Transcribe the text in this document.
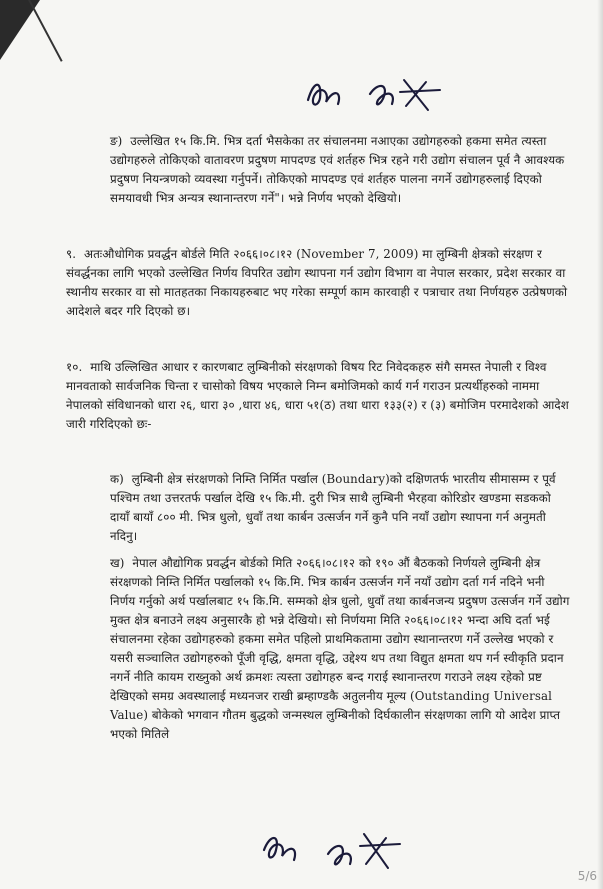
ङ) उल्लेखित १५ कि.मि. भित्र दर्ता भैसकेका तर संचालनमा नआएका उद्योगहरुको हकमा समेत त्यस्ता उद्योगहरुले तोकिएको वातावरण प्रदुषण मापदण्ड एवं शर्तहरु भित्र रहने गरी उद्योग संचालन पूर्व नै आवश्यक प्रदुषण नियन्त्रणको व्यवस्था गर्नुपर्ने। तोकिएको मापदण्ड एवं शर्तहरु पालना नगर्ने उद्योगहरुलाई दिएको समयावधी भित्र अन्यत्र स्थानान्तरण गर्ने"। भन्ने निर्णय भएको देखियो।
९. अतःऔधोगिक प्रवर्द्धन बोर्डले मिति २०६६।०८।१२ (November 7, 2009) मा लुम्बिनी क्षेत्रको संरक्षण र संवर्द्धनका लागि भएको उल्लेखित निर्णय विपरित उद्योग स्थापना गर्न उद्योग विभाग वा नेपाल सरकार, प्रदेश सरकार वा स्थानीय सरकार वा सो मातहतका निकायहरुबाट भए गरेका सम्पूर्ण काम कारवाही र पत्राचार तथा निर्णयहरु उत्प्रेषणको आदेशले बदर गरि दिएको छ।
१०. माथि उल्लिखित आधार र कारणबाट लुम्बिनीको संरक्षणको विषय रिट निवेदकहरु संगै समस्त नेपाली र विश्व मानवताको सार्वजनिक चिन्ता र चासोको विषय भएकाले निम्न बमोजिमको कार्य गर्न गराउन प्रत्यर्थीहरुको नाममा नेपालको संविधानको धारा २६, धारा ३० ,धारा ४६, धारा ५१(ठ) तथा धारा १३३(२) र (३) बमोजिम परमादेशको आदेश जारी गरिदिएको छः-
क) लुम्बिनी क्षेत्र संरक्षणको निम्ति निर्मित पर्खाल (Boundary)को दक्षिणतर्फ भारतीय सीमासम्म र पूर्व पश्चिम तथा उत्तरतर्फ पर्खाल देखि १५ कि.मी. दुरी भित्र साथै लुम्बिनी भैरहवा कोरिडोर खण्डमा सडकको दायाँ बायाँ ८०० मी. भित्र धुलो, धुवाँ तथा कार्बन उत्सर्जन गर्ने कुनै पनि नयाँ उद्योग स्थापना गर्न अनुमती नदिनु।
ख) नेपाल औद्योगिक प्रवर्द्धन बोर्डको मिति २०६६।०८।१२ को १९० औं बैठकको निर्णयले लुम्बिनी क्षेत्र संरक्षणको निम्ति निर्मित पर्खालको १५ कि.मि. भित्र कार्बन उत्सर्जन गर्ने नयाँ उद्योग दर्ता गर्न नदिने भनी निर्णय गर्नुको अर्थ पर्खालबाट १५ कि.मि. सम्मको क्षेत्र धुलो, धुवाँ तथा कार्बनजन्य प्रदुषण उत्सर्जन गर्ने उद्योग मुक्त क्षेत्र बनाउने लक्ष्य अनुसारकै हो भन्ने देखियो। सो निर्णयमा मिति २०६६।०८।१२ भन्दा अघि दर्ता भई संचालनमा रहेका उद्योगहरुको हकमा समेत पहिलो प्राथमिकतामा उद्योग स्थानान्तरण गर्ने उल्लेख भएको र यसरी सञ्चालित उद्योगहरुको पूँजी वृद्धि, क्षमता वृद्धि, उद्देश्य थप तथा विद्युत क्षमता थप गर्न स्वीकृति प्रदान नगर्ने नीति कायम राख्नुको अर्थ क्रमशः त्यस्ता उद्योगहरु बन्द गराई स्थानान्तरण गराउने लक्ष्य रहेको प्रष्ट देखिएको समग्र अवस्थालाई मध्यनजर राखी ब्रम्हाण्डकै अतुलनीय मूल्य (Outstanding Universal Value) बोकेको भगवान गौतम बुद्धको जन्मस्थल लुम्बिनीको दिर्घकालीन संरक्षणका लागि यो आदेश प्राप्त भएको मितिले
5/6
